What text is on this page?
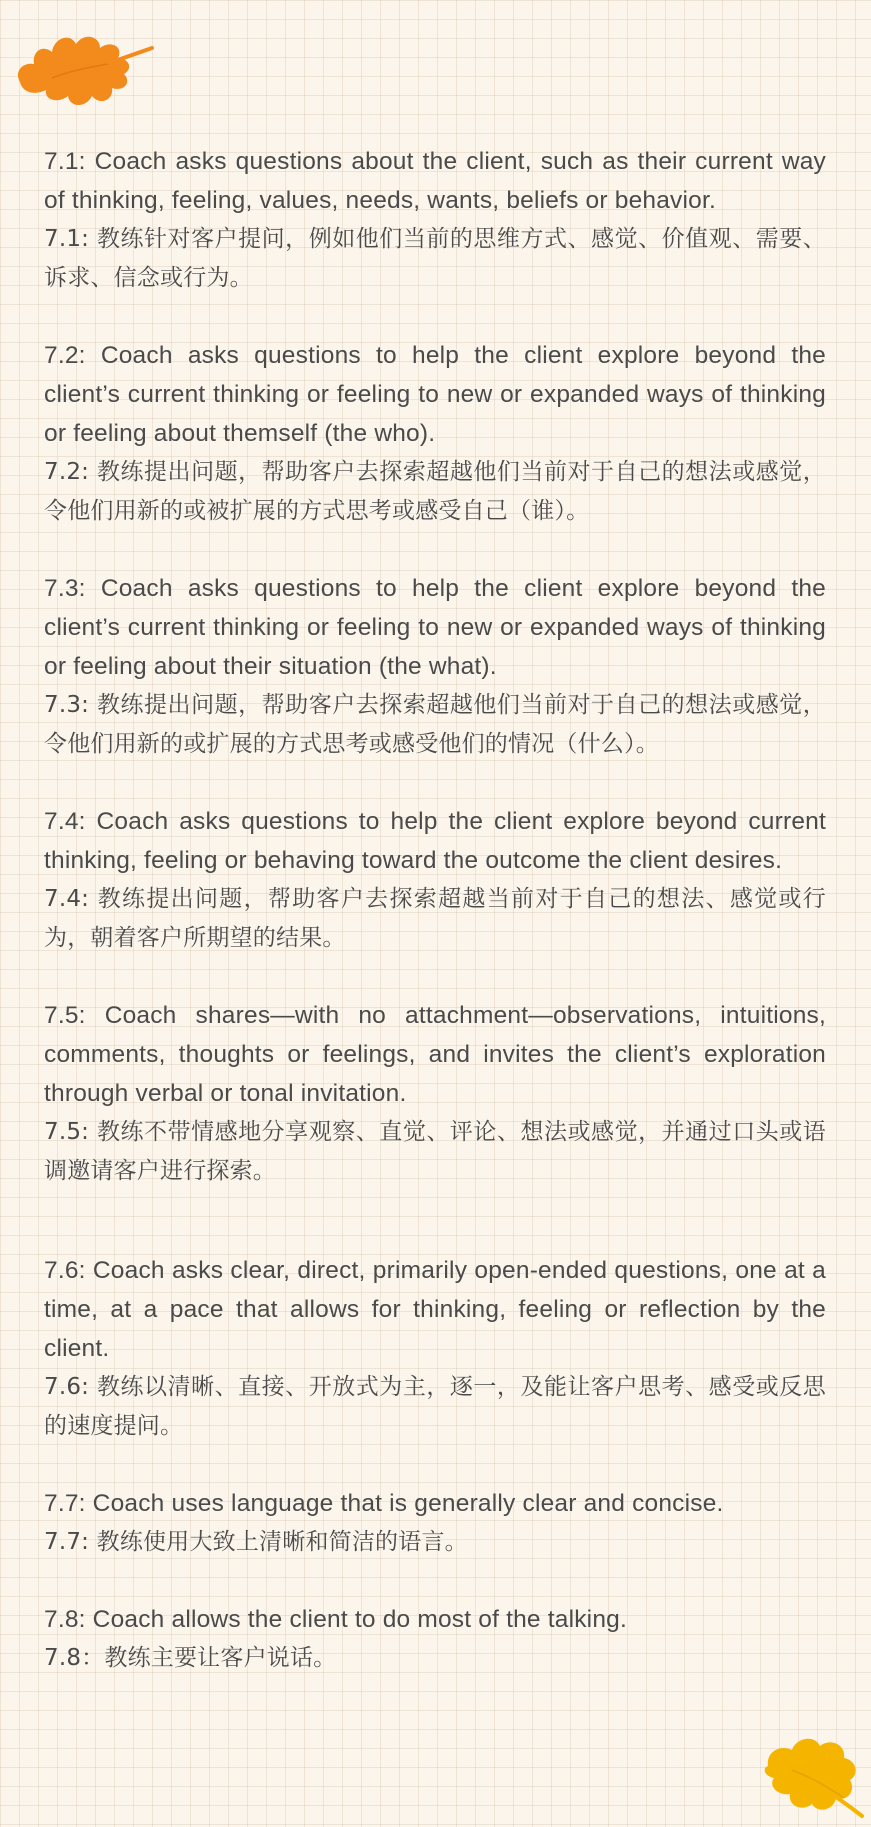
7.1: Coach asks questions about the client, such as their current way of thinking, feeling, values, needs, wants, beliefs or behavior.

7.1: 教练针对客户提问，例如他们当前的思维方式、感觉、价值观、需要、诉求、信念或行为。

7.2: Coach asks questions to help the client explore beyond the client’s current thinking or feeling to new or expanded ways of thinking or feeling about themself (the who).

7.2: 教练提出问题，帮助客户去探索超越他们当前对于自己的想法或感觉，令他们用新的或被扩展的方式思考或感受自己（谁）。

7.3: Coach asks questions to help the client explore beyond the client’s current thinking or feeling to new or expanded ways of thinking or feeling about their situation (the what).

7.3: 教练提出问题，帮助客户去探索超越他们当前对于自己的想法或感觉，令他们用新的或扩展的方式思考或感受他们的情况（什么）。

7.4: Coach asks questions to help the client explore beyond current thinking, feeling or behaving toward the outcome the client desires.

7.4: 教练提出问题，帮助客户去探索超越当前对于自己的想法、感觉或行为，朝着客户所期望的结果。

7.5: Coach shares—with no attachment—observations, intuitions, comments, thoughts or feelings, and invites the client’s exploration through verbal or tonal invitation.

7.5: 教练不带情感地分享观察、直觉、评论、想法或感觉，并通过口头或语调邀请客户进行探索。

7.6: Coach asks clear, direct, primarily open-ended questions, one at a time, at a pace that allows for thinking, feeling or reflection by the client.

7.6: 教练以清晰、直接、开放式为主，逐一，及能让客户思考、感受或反思的速度提问。

7.7: Coach uses language that is generally clear and concise.

7.7: 教练使用大致上清晰和简洁的语言。

7.8: Coach allows the client to do most of the talking.

7.8：教练主要让客户说话。
